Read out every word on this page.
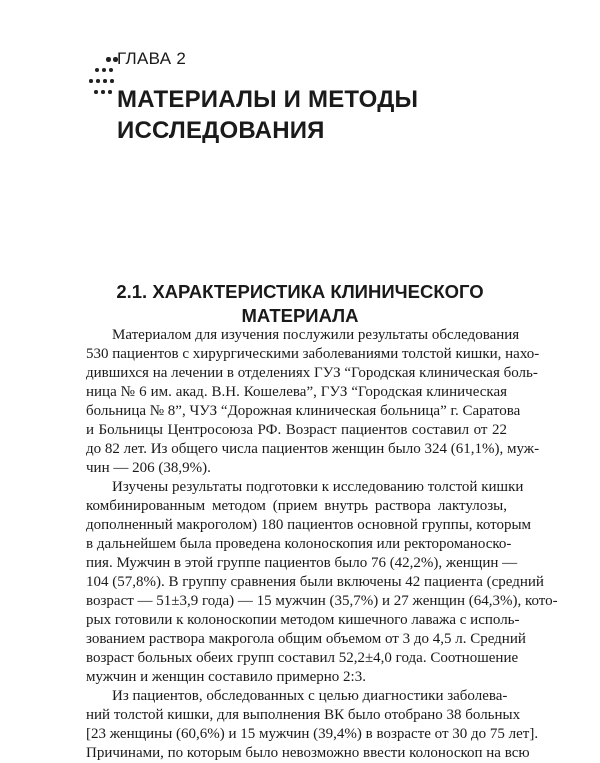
ГЛАВА 2
МАТЕРИАЛЫ И МЕТОДЫ
ИССЛЕДОВАНИЯ
2.1. ХАРАКТЕРИСТИКА КЛИНИЧЕСКОГО
МАТЕРИАЛА
Материалом для изучения послужили результаты обследования
530 пациентов с хирургическими заболеваниями толстой кишки, нахо-
дившихся на лечении в отделениях ГУЗ “Городская клиническая боль-
ница № 6 им. акад. В.Н. Кошелева”, ГУЗ “Городская клиническая
больница № 8”, ЧУЗ “Дорожная клиническая больница” г. Саратова
и Больницы Центросоюза РФ. Возраст пациентов составил от 22
до 82 лет. Из общего числа пациентов женщин было 324 (61,1%), муж-
чин — 206 (38,9%).
Изучены результаты подготовки к исследованию толстой кишки
комбинированным методом (прием внутрь раствора лактулозы,
дополненный макроголом) 180 пациентов основной группы, которым
в дальнейшем была проведена колоноскопия или ректороманоско-
пия. Мужчин в этой группе пациентов было 76 (42,2%), женщин —
104 (57,8%). В группу сравнения были включены 42 пациента (средний
возраст — 51±3,9 года) — 15 мужчин (35,7%) и 27 женщин (64,3%), кото-
рых готовили к колоноскопии методом кишечного лаважа с исполь-
зованием раствора макрогола общим объемом от 3 до 4,5 л. Средний
возраст больных обеих групп составил 52,2±4,0 года. Соотношение
мужчин и женщин составило примерно 2:3.
Из пациентов, обследованных с целью диагностики заболева-
ний толстой кишки, для выполнения ВК было отобрано 38 больных
[23 женщины (60,6%) и 15 мужчин (39,4%) в возрасте от 30 до 75 лет].
Причинами, по которым было невозможно ввести колоноскоп на всю
